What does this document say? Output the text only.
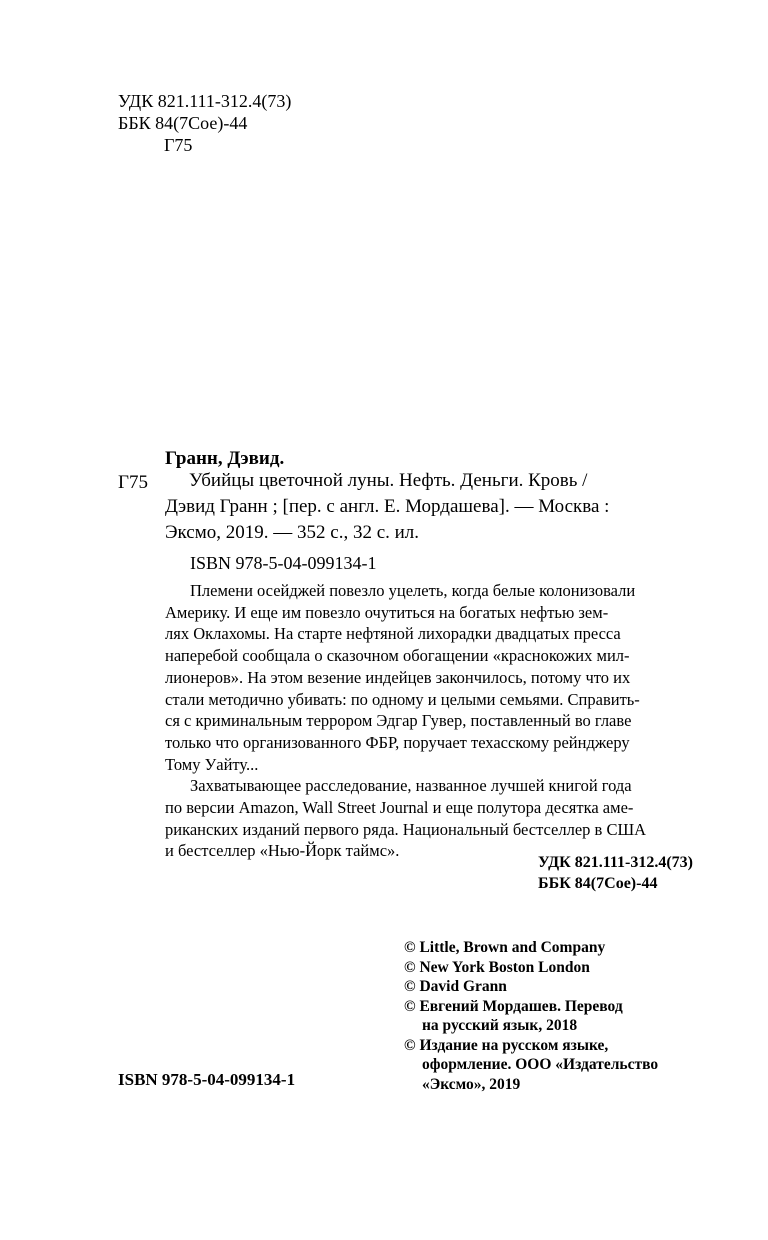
УДК 821.111-312.4(73)
ББК 84(7Сое)-44
Г75
Гранн, Дэвид.
Г75	Убийцы цветочной луны. Нефть. Деньги. Кровь /
Дэвид Гранн ; [пер. с англ. Е. Мордашева]. — Москва :
Эксмо, 2019. — 352 с., 32 с. ил.
ISBN 978-5-04-099134-1
Племени осейджей повезло уцелеть, когда белые колонизовали
Америку. И еще им повезло очутиться на богатых нефтью зем-
лях Оклахомы. На старте нефтяной лихорадки двадцатых пресса
наперебой сообщала о сказочном обогащении «краснокожих мил-
лионеров». На этом везение индейцев закончилось, потому что их
стали методично убивать: по одному и целыми семьями. Справить-
ся с криминальным террором Эдгар Гувер, поставленный во главе
только что организованного ФБР, поручает техасскому рейнджеру
Тому Уайту...
Захватывающее расследование, названное лучшей книгой года
по версии Amazon, Wall Street Journal и еще полутора десятка аме-
риканских изданий первого ряда. Национальный бестселлер в США
и бестселлер «Нью-Йорк таймс».
УДК 821.111-312.4(73)
ББК 84(7Сое)-44
© Little, Brown and Company
© New York Boston London
© David Grann
© Евгений Мордашев. Перевод
на русский язык, 2018
© Издание на русском языке,
оформление. ООО «Издательство
«Эксмо», 2019
ISBN 978-5-04-099134-1
